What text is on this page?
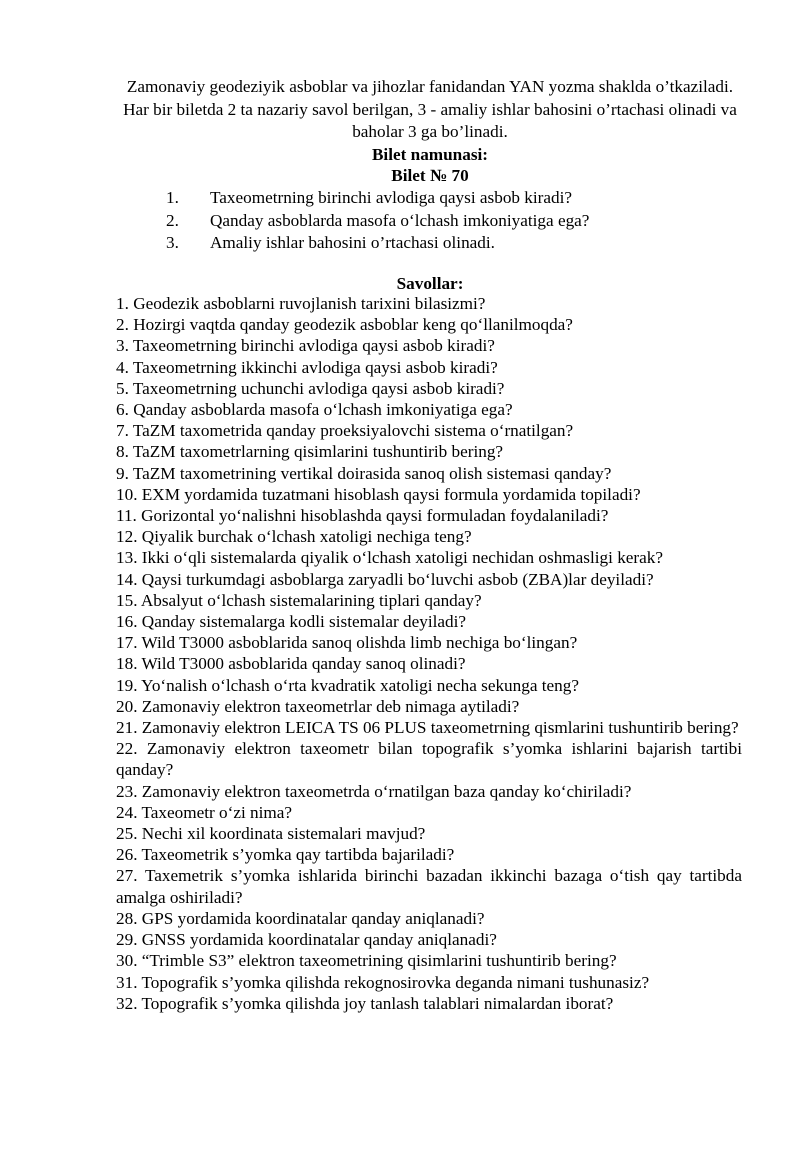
Zamonaviy geodeziyik asboblar va jihozlar fanidandan YAN yozma shaklda o’tkaziladi. Har bir biletda 2 ta nazariy savol berilgan, 3 - amaliy ishlar bahosini o’rtachasi olinadi va baholar 3 ga bo’linadi.

Bilet namunasi:

Bilet № 70

1.	Taxeometrning birinchi avlodiga qaysi asbob kiradi?
2.	Qanday asboblarda masofa oʻlchash imkoniyatiga ega?
3.	Amaliy ishlar bahosini o’rtachasi olinadi.

Savollar:

1. Geodezik asboblarni ruvojlanish tarixini bilasizmi?
2. Hozirgi vaqtda qanday geodezik asboblar keng qoʻllanilmoqda?
3. Taxeometrning birinchi avlodiga qaysi asbob kiradi?
4. Taxeometrning ikkinchi avlodiga qaysi asbob kiradi?
5. Taxeometrning uchunchi avlodiga qaysi asbob kiradi?
6. Qanday asboblarda masofa oʻlchash imkoniyatiga ega?
7. TaZM taxometrida qanday proeksiyalovchi sistema oʻrnatilgan?
8. TaZM taxometrlarning qisimlarini tushuntirib bering?
9. TaZM taxometrining vertikal doirasida sanoq olish sistemasi qanday?
10. EXM yordamida tuzatmani hisoblash qaysi formula yordamida topiladi?
11. Gorizontal yoʻnalishni hisoblashda qaysi formuladan foydalaniladi?
12. Qiyalik burchak oʻlchash xatoligi nechiga teng?
13. Ikki oʻqli sistemalarda qiyalik oʻlchash xatoligi nechidan oshmasligi kerak?
14. Qaysi turkumdagi asboblarga zaryadli boʻluvchi asbob (ZBA)lar deyiladi?
15. Absalyut oʻlchash sistemalarining tiplari qanday?
16. Qanday sistemalarga kodli sistemalar deyiladi?
17. Wild T3000 asboblarida sanoq olishda limb nechiga boʻlingan?
18. Wild T3000 asboblarida qanday sanoq olinadi?
19. Yoʻnalish oʻlchash oʻrta kvadratik xatoligi necha sekunga teng?
20. Zamonaviy elektron taxeometrlar deb nimaga aytiladi?
21. Zamonaviy elektron LEICA TS 06 PLUS taxeometrning qismlarini tushuntirib bering?
22. Zamonaviy elektron taxeometr bilan topografik s’yomka ishlarini bajarish tartibi qanday?
23. Zamonaviy elektron taxeometrda oʻrnatilgan baza qanday koʻchiriladi?
24. Taxeometr oʻzi nima?
25. Nechi xil koordinata sistemalari mavjud?
26. Taxeometrik s’yomka qay tartibda bajariladi?
27. Taxemetrik s’yomka ishlarida birinchi bazadan ikkinchi bazaga oʻtish qay tartibda amalga oshiriladi?
28. GPS yordamida koordinatalar qanday aniqlanadi?
29. GNSS yordamida koordinatalar qanday aniqlanadi?
30. “Trimble S3” elektron taxeometrining qisimlarini tushuntirib bering?
31. Topografik s’yomka qilishda rekognosirovka deganda nimani tushunasiz?
32. Topografik s’yomka qilishda joy tanlash talablari nimalardan iborat?
